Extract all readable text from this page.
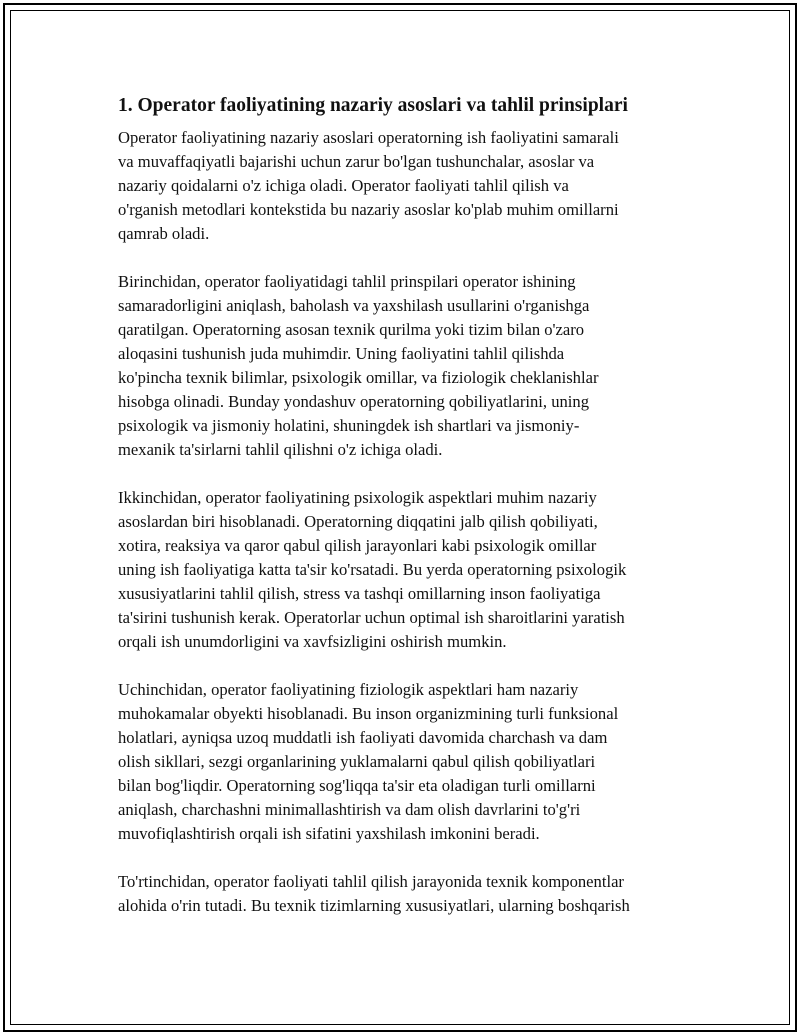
1. Operator faoliyatining nazariy asoslari va tahlil prinsiplari

Operator faoliyatining nazariy asoslari operatorning ish faoliyatini samarali
va muvaffaqiyatli bajarishi uchun zarur bo'lgan tushunchalar, asoslar va
nazariy qoidalarni o'z ichiga oladi. Operator faoliyati tahlil qilish va
o'rganish metodlari kontekstida bu nazariy asoslar ko'plab muhim omillarni
qamrab oladi.

Birinchidan, operator faoliyatidagi tahlil prinspilari operator ishining
samaradorligini aniqlash, baholash va yaxshilash usullarini o'rganishga
qaratilgan. Operatorning asosan texnik qurilma yoki tizim bilan o'zaro
aloqasini tushunish juda muhimdir. Uning faoliyatini tahlil qilishda
ko'pincha texnik bilimlar, psixologik omillar, va fiziologik cheklanishlar
hisobga olinadi. Bunday yondashuv operatorning qobiliyatlarini, uning
psixologik va jismoniy holatini, shuningdek ish shartlari va jismoniy-
mexanik ta'sirlarni tahlil qilishni o'z ichiga oladi.

Ikkinchidan, operator faoliyatining psixologik aspektlari muhim nazariy
asoslardan biri hisoblanadi. Operatorning diqqatini jalb qilish qobiliyati,
xotira, reaksiya va qaror qabul qilish jarayonlari kabi psixologik omillar
uning ish faoliyatiga katta ta'sir ko'rsatadi. Bu yerda operatorning psixologik
xususiyatlarini tahlil qilish, stress va tashqi omillarning inson faoliyatiga
ta'sirini tushunish kerak. Operatorlar uchun optimal ish sharoitlarini yaratish
orqali ish unumdorligini va xavfsizligini oshirish mumkin.

Uchinchidan, operator faoliyatining fiziologik aspektlari ham nazariy
muhokamalar obyekti hisoblanadi. Bu inson organizmining turli funksional
holatlari, ayniqsa uzoq muddatli ish faoliyati davomida charchash va dam
olish sikllari, sezgi organlarining yuklamalarni qabul qilish qobiliyatlari
bilan bog'liqdir. Operatorning sog'liqqa ta'sir eta oladigan turli omillarni
aniqlash, charchashni minimallashtirish va dam olish davrlarini to'g'ri
muvofiqlashtirish orqali ish sifatini yaxshilash imkonini beradi.

To'rtinchidan, operator faoliyati tahlil qilish jarayonida texnik komponentlar
alohida o'rin tutadi. Bu texnik tizimlarning xususiyatlari, ularning boshqarish
